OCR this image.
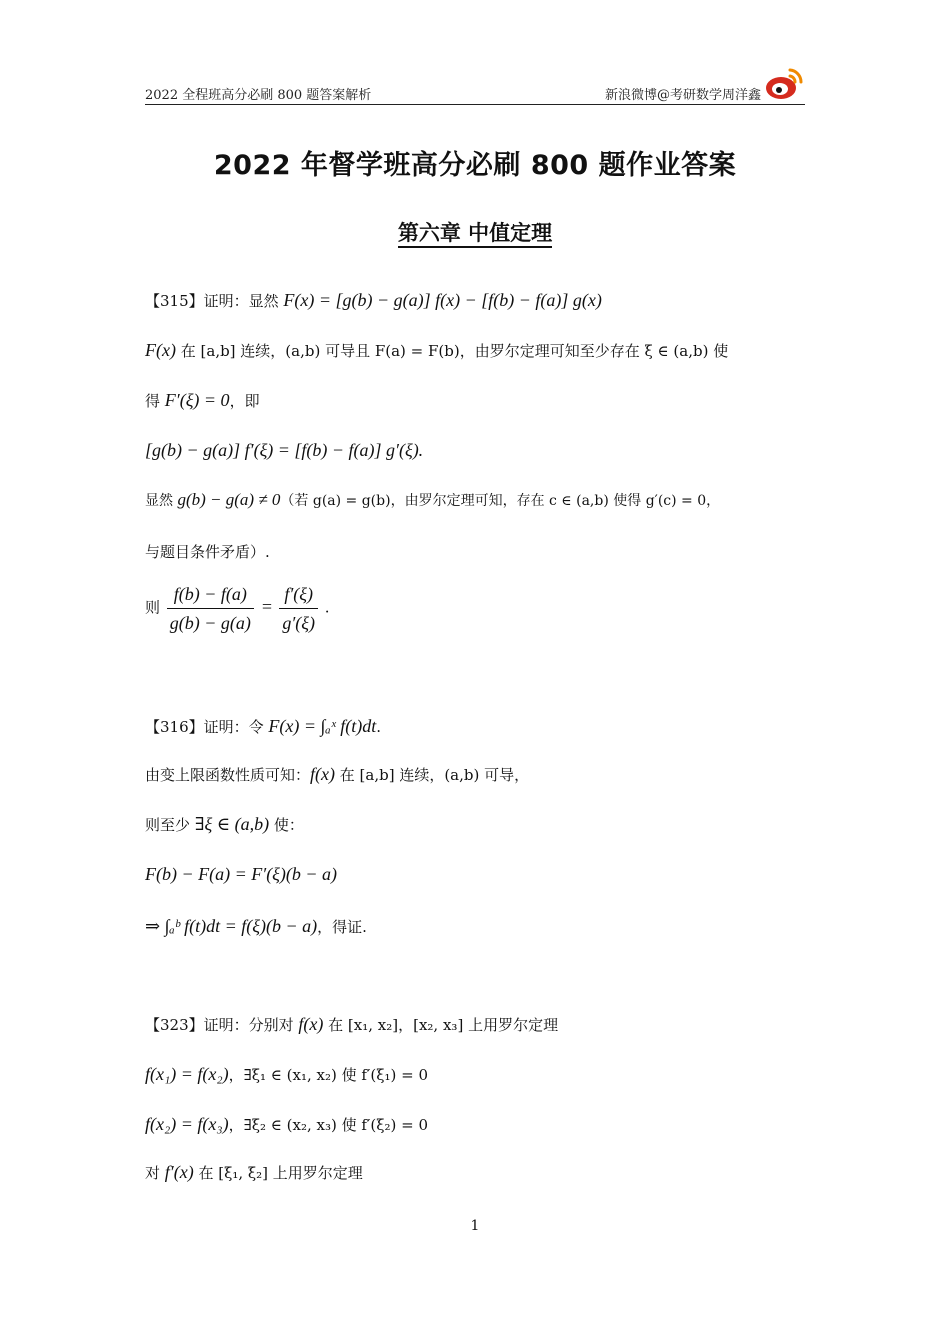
2022 全程班高分必刷 800 题答案解析	新浪微博@考研数学周洋鑫
2022 年督学班高分必刷 800 题作业答案
第六章 中值定理
【315】证明：显然 F(x) = [g(b) − g(a)] f(x) − [f(b) − f(a)] g(x)
F(x) 在 [a,b] 连续，(a,b) 可导且 F(a) = F(b)，由罗尔定理可知至少存在 ξ ∈ (a,b) 使
得 F′(ξ) = 0，即
[g(b) − g(a)] f′(ξ) = [f(b) − f(a)] g′(ξ).
显然 g(b) − g(a) ≠ 0（若 g(a) = g(b)，由罗尔定理可知，存在 c ∈ (a,b) 使得 g′(c) = 0，
与题目条件矛盾）.
则 $\frac{f(b) - f(a)}{g(b) - g(a)} = \frac{f'(\xi)}{g'(\xi)}$ .
【316】证明：令 F(x) = ∫ₐˣ f(t)dt.
由变上限函数性质可知：f(x) 在 [a,b] 连续，(a,b) 可导，
则至少 ∃ξ ∈ (a,b) 使：
F(b) − F(a) = F′(ξ)(b − a)
⇒ ∫ₐᵇ f(t)dt = f(ξ)(b − a)，得证.
【323】证明：分别对 f(x) 在 [x₁, x₂]，[x₂, x₃] 上用罗尔定理
f(x₁) = f(x₂)，∃ξ₁ ∈ (x₁, x₂) 使 f′(ξ₁) = 0
f(x₂) = f(x₃)，∃ξ₂ ∈ (x₂, x₃) 使 f′(ξ₂) = 0
对 f′(x) 在 [ξ₁, ξ₂] 上用罗尔定理
1
